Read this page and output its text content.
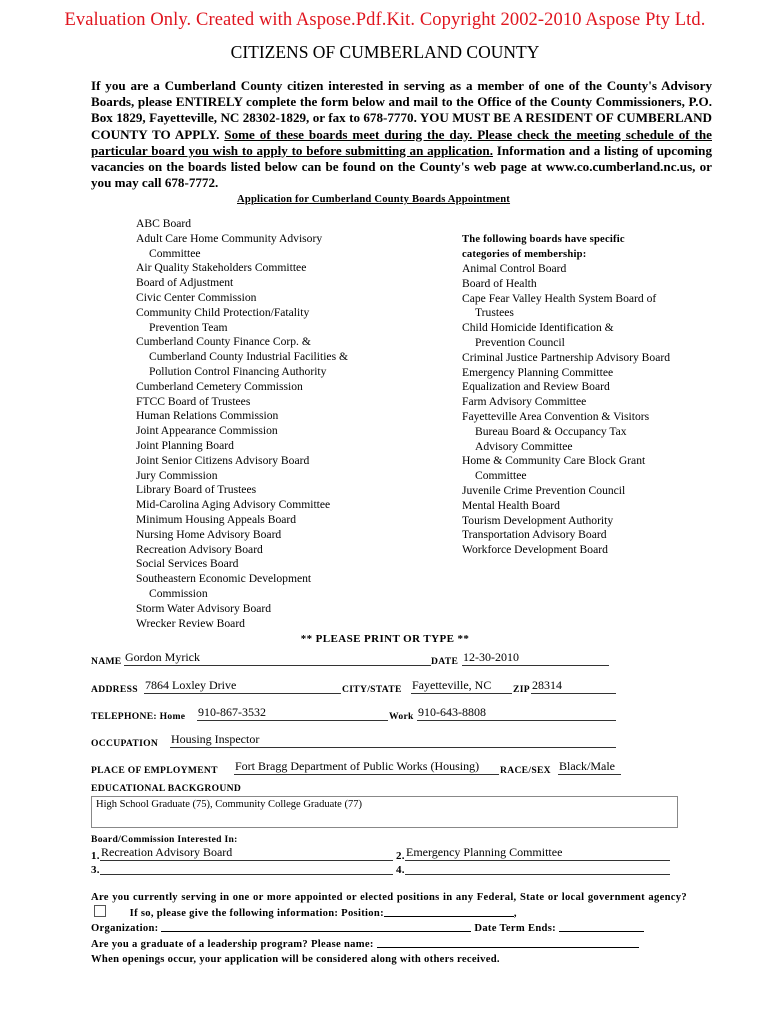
Evaluation Only. Created with Aspose.Pdf.Kit. Copyright 2002-2010 Aspose Pty Ltd.
CITIZENS OF CUMBERLAND COUNTY

If you are a Cumberland County citizen interested in serving as a member of one of the County's Advisory Boards, please ENTIRELY complete the form below and mail to the Office of the County Commissioners, P.O. Box 1829, Fayetteville, NC 28302-1829, or fax to 678-7770. YOU MUST BE A RESIDENT OF CUMBERLAND COUNTY TO APPLY. Some of these boards meet during the day. Please check the meeting schedule of the particular board you wish to apply to before submitting an application. Information and a listing of upcoming vacancies on the boards listed below can be found on the County's web page at www.co.cumberland.nc.us, or you may call 678-7772.

Application for Cumberland County Boards Appointment
ABC Board
Adult Care Home Community Advisory
Committee
Air Quality Stakeholders Committee
Board of Adjustment
Civic Center Commission
Community Child Protection/Fatality
Prevention Team
Cumberland County Finance Corp. &
Cumberland County Industrial Facilities &
Pollution Control Financing Authority
Cumberland Cemetery Commission
FTCC Board of Trustees
Human Relations Commission
Joint Appearance Commission
Joint Planning Board
Joint Senior Citizens Advisory Board
Jury Commission
Library Board of Trustees
Mid-Carolina Aging Advisory Committee
Minimum Housing Appeals Board
Nursing Home Advisory Board
Recreation Advisory Board
Social Services Board
Southeastern Economic Development
Commission
Storm Water Advisory Board
Wrecker Review Board
The following boards have specific
categories of membership:
Animal Control Board
Board of Health
Cape Fear Valley Health System Board of
Trustees
Child Homicide Identification &
Prevention Council
Criminal Justice Partnership Advisory Board
Emergency Planning Committee
Equalization and Review Board
Farm Advisory Committee
Fayetteville Area Convention & Visitors
Bureau Board & Occupancy Tax
Advisory Committee
Home & Community Care Block Grant
Committee
Juvenile Crime Prevention Council
Mental Health Board
Tourism Development Authority
Transportation Advisory Board
Workforce Development Board
** PLEASE PRINT OR TYPE **
NAME Gordon Myrick	DATE 12-30-2010
ADDRESS 7864 Loxley Drive	CITY/STATE Fayetteville, NC	ZIP 28314
TELEPHONE: Home 910-867-3532	Work 910-643-8808
OCCUPATION Housing Inspector
PLACE OF EMPLOYMENT Fort Bragg Department of Public Works (Housing)	RACE/SEX Black/Male
EDUCATIONAL BACKGROUND
High School Graduate (75), Community College Graduate (77)
Board/Commission Interested In:
1. Recreation Advisory Board	2. Emergency Planning Committee
3.	4.

Are you currently serving in one or more appointed or elected positions in any Federal, State or local government agency?       If so, please give the following information: Position:	,

Organization:	Date Term Ends:

Are you a graduate of a leadership program? Please name:

When openings occur, your application will be considered along with others received.
